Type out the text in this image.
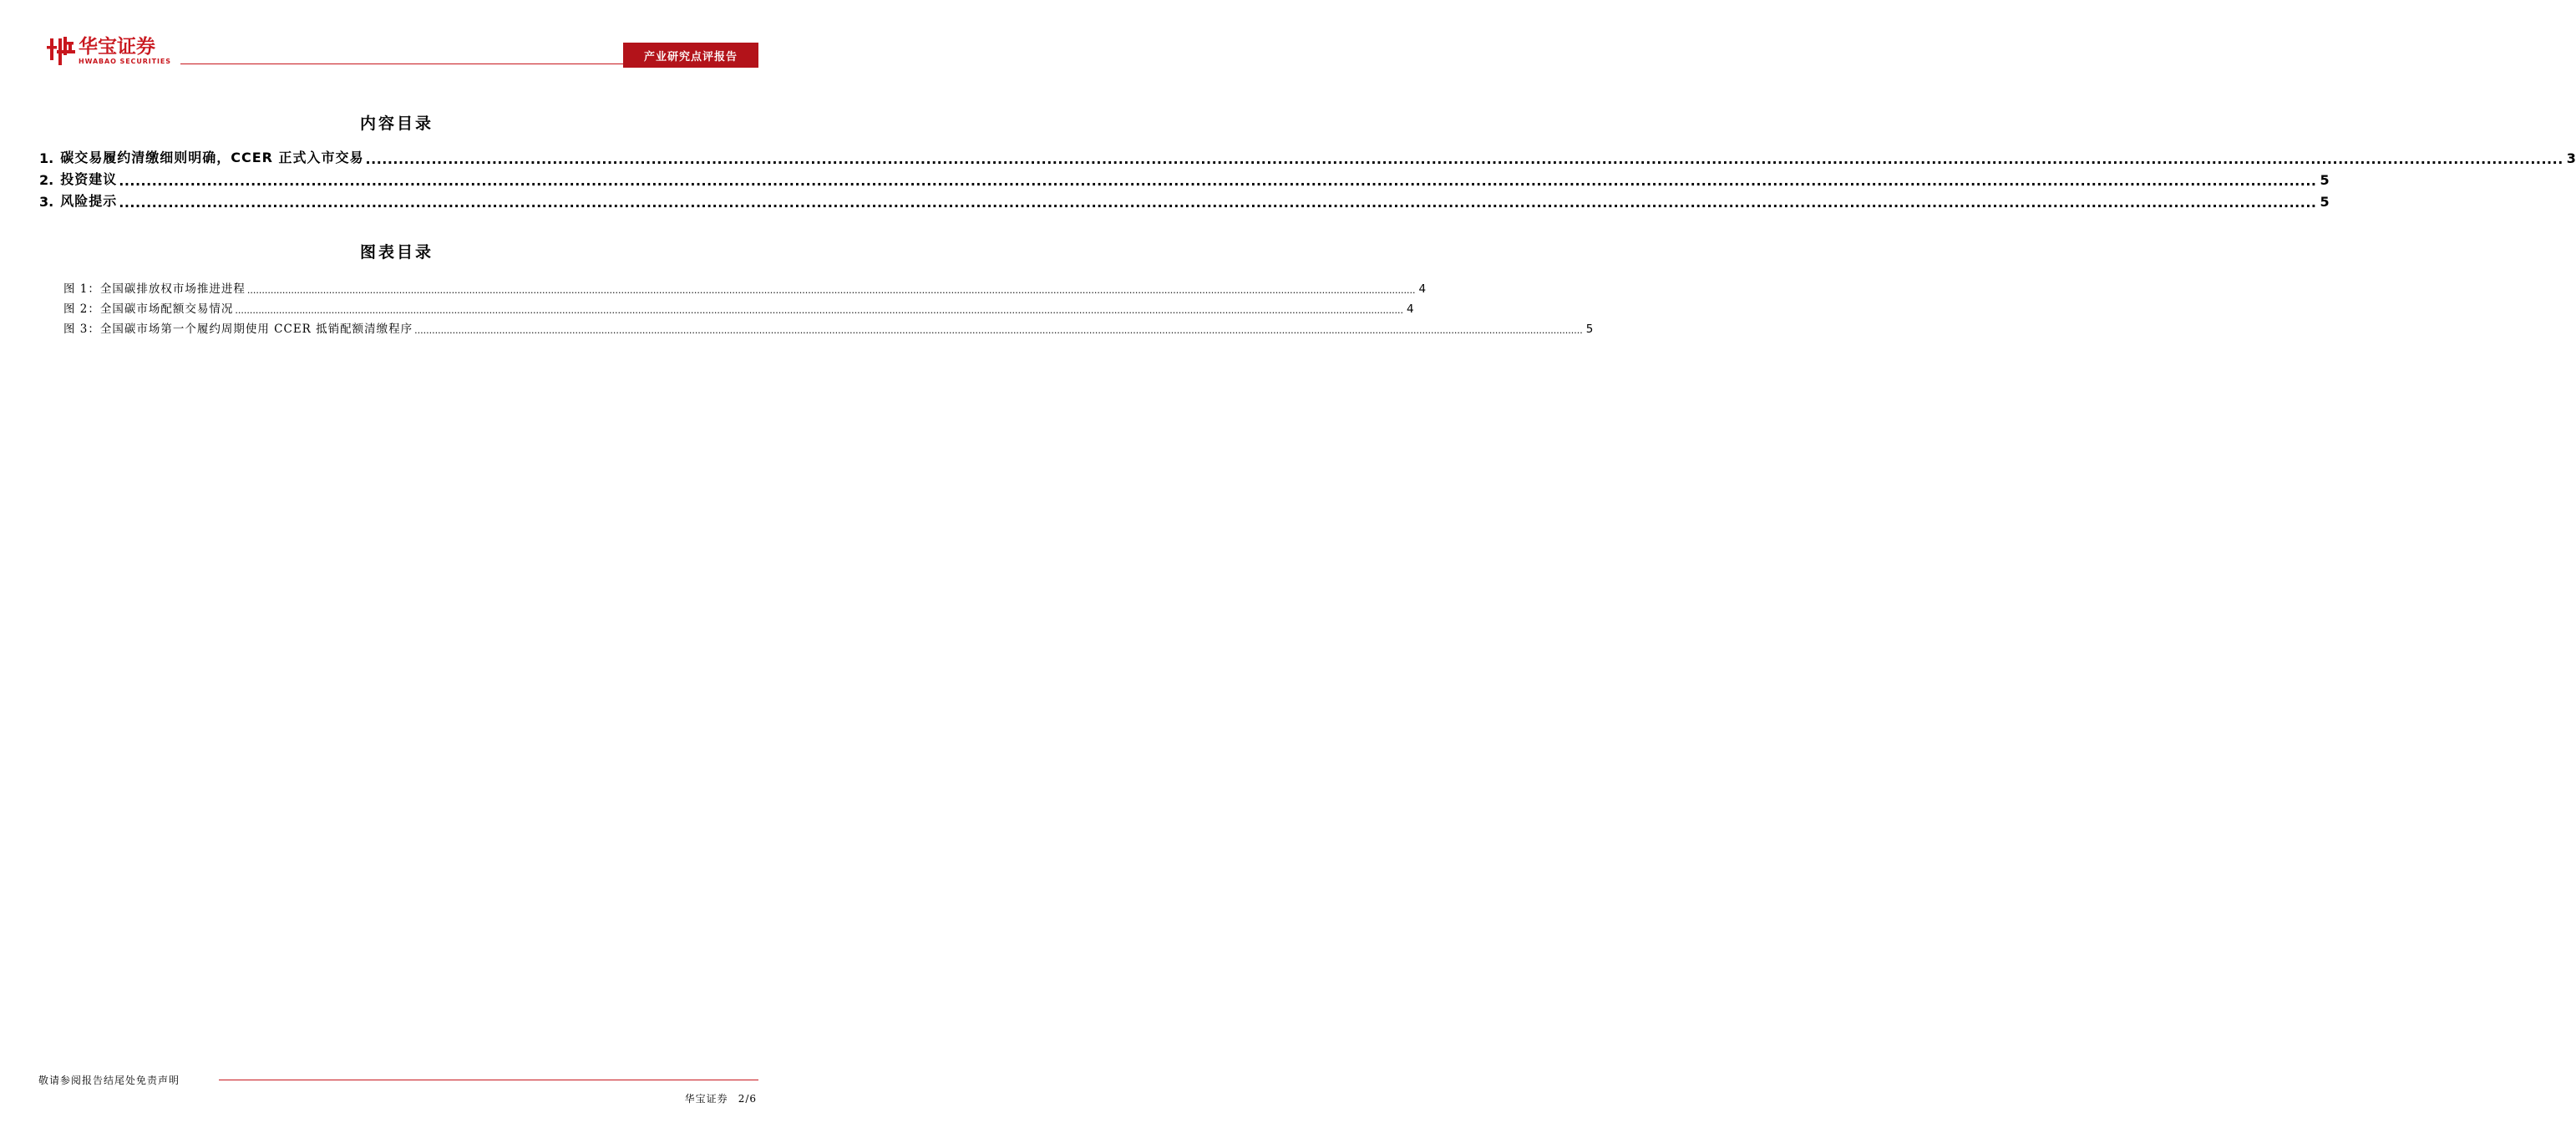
华宝证券
HWABAO SECURITIES	产业研究点评报告
内容目录
1. 碳交易履约清缴细则明确，CCER 正式入市交易 ................................................................................................................................................................................................................................................................................................................................................................................................................ 3
2. 投资建议 ................................................................................................................................................................................................................................................................................................................................................................................................................ 5
3. 风险提示 ................................................................................................................................................................................................................................................................................................................................................................................................................ 5
图表目录
图 1：全国碳排放权市场推进进程 ................................................................................................................................................................................................................................................................................................................................................................................................................ 4
图 2：全国碳市场配额交易情况 ................................................................................................................................................................................................................................................................................................................................................................................................................ 4
图 3：全国碳市场第一个履约周期使用 CCER 抵销配额清缴程序 ................................................................................................................................................................................................................................................................................................................................................................................................................ 5
敬请参阅报告结尾处免责声明
华宝证券 2/6
